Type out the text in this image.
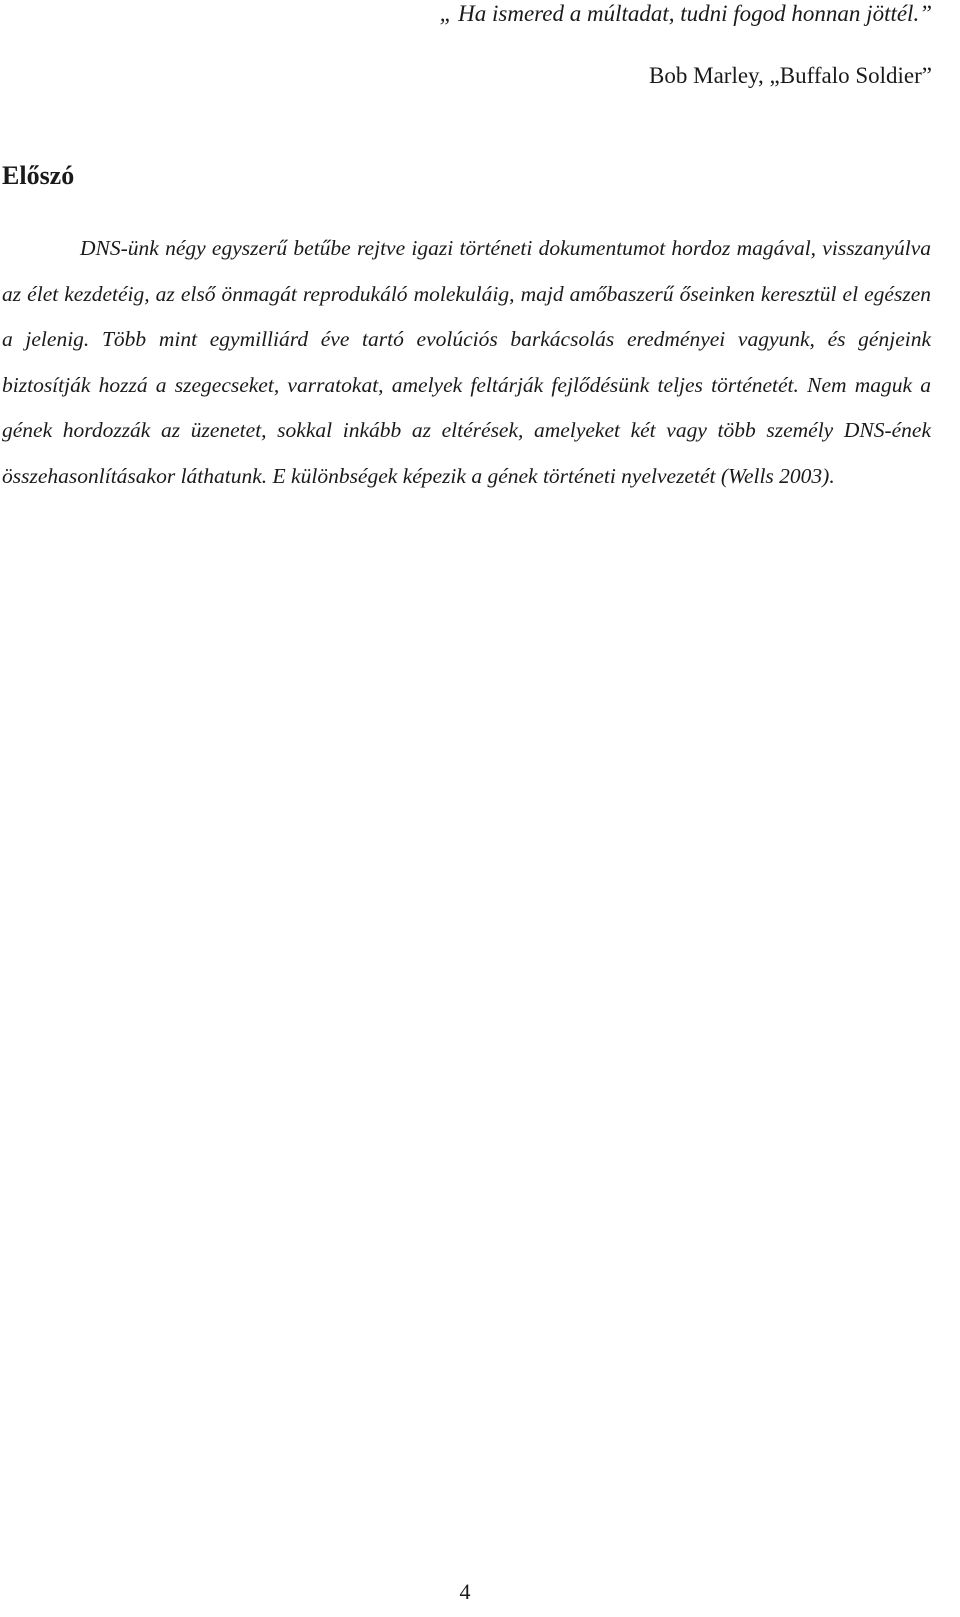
„ Ha ismered a múltadat, tudni fogod honnan jöttél.”
Bob Marley, „Buffalo Soldier”
Előszó

DNS-ünk négy egyszerű betűbe rejtve igazi történeti dokumentumot hordoz magával, visszanyúlva az élet kezdetéig, az első önmagát reprodukáló molekuláig, majd amőbaszerű őseinken keresztül el egészen a jelenig. Több mint egymilliárd éve tartó evolúciós barkácsolás eredményei vagyunk, és génjeink biztosítják hozzá a szegecseket, varratokat, amelyek feltárják fejlődésünk teljes történetét. Nem maguk a gének hordozzák az üzenetet, sokkal inkább az eltérések, amelyeket két vagy több személy DNS-ének összehasonlításakor láthatunk. E különbségek képezik a gének történeti nyelvezetét (Wells 2003).

4
